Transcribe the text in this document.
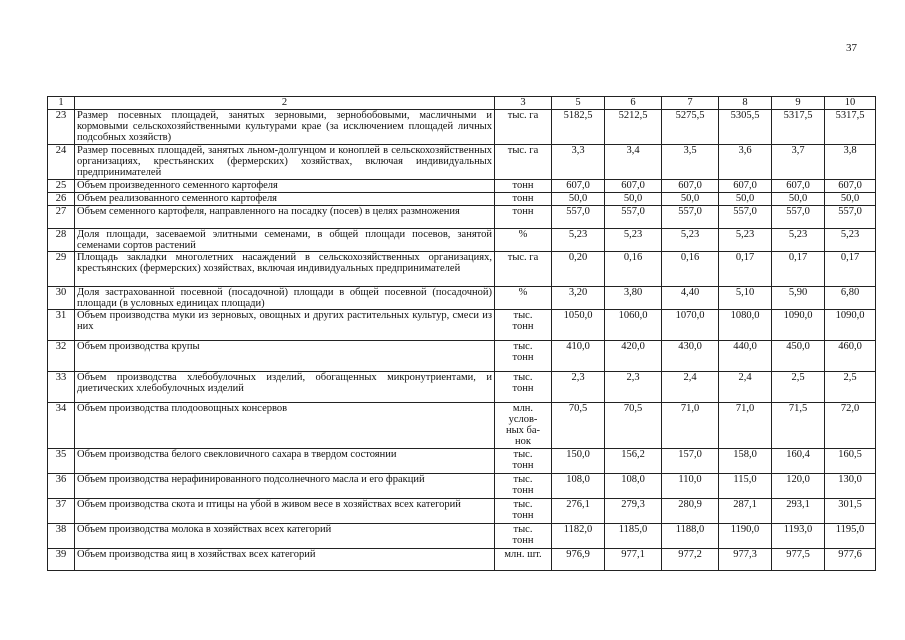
37
1	2	3	5	6	7	8	9	10
23	Размер посевных площадей, занятых зерновыми, зернобобовыми, масличными и кормовыми сельскохозяйственными культурами крае (за исключением площадей личных подсобных хозяйств)	тыс. га	5182,5	5212,5	5275,5	5305,5	5317,5	5317,5
24	Размер посевных площадей, занятых льном-долгунцом и коноплей в сельскохозяйственных организациях, крестьянских (фермерских) хозяйствах, включая индивидуальных предпринимателей	тыс. га	3,3	3,4	3,5	3,6	3,7	3,8
25	Объем произведенного семенного картофеля	тонн	607,0	607,0	607,0	607,0	607,0	607,0
26	Объем реализованного семенного картофеля	тонн	50,0	50,0	50,0	50,0	50,0	50,0
27	Объем семенного картофеля, направленного на посадку (посев) в целях размножения	тонн	557,0	557,0	557,0	557,0	557,0	557,0
28	Доля площади, засеваемой элитными семенами, в общей площади посевов, занятой семенами сортов растений	%	5,23	5,23	5,23	5,23	5,23	5,23
29	Площадь закладки многолетних насаждений в сельскохозяйственных организациях, крестьянских (фермерских) хозяйствах, включая индивидуальных предпринимателей	тыс. га	0,20	0,16	0,16	0,17	0,17	0,17
30	Доля застрахованной посевной (посадочной) площади в общей посевной (посадочной) площади (в условных единицах площади)	%	3,20	3,80	4,40	5,10	5,90	6,80
31	Объем производства муки из зерновых, овощных и других растительных культур, смеси из них	тыс.
тонн	1050,0	1060,0	1070,0	1080,0	1090,0	1090,0
32	Объем производства крупы	тыс.
тонн	410,0	420,0	430,0	440,0	450,0	460,0
33	Объем производства хлебобулочных изделий, обогащенных микронутриентами, и диетических хлебобулочных изделий	тыс.
тонн	2,3	2,3	2,4	2,4	2,5	2,5
34	Объем производства плодоовощных консервов	млн.
услов-
ных ба-
нок	70,5	70,5	71,0	71,0	71,5	72,0
35	Объем производства белого свекловичного сахара в твердом состоянии	тыс.
тонн	150,0	156,2	157,0	158,0	160,4	160,5
36	Объем производства нерафинированного подсолнечного масла и его фракций	тыс.
тонн	108,0	108,0	110,0	115,0	120,0	130,0
37	Объем производства скота и птицы на убой в живом весе в хозяйствах всех категорий	тыс.
тонн	276,1	279,3	280,9	287,1	293,1	301,5
38	Объем производства молока в хозяйствах всех категорий	тыс.
тонн	1182,0	1185,0	1188,0	1190,0	1193,0	1195,0
39	Объем производства яиц в хозяйствах всех категорий	млн. шт.	976,9	977,1	977,2	977,3	977,5	977,6
